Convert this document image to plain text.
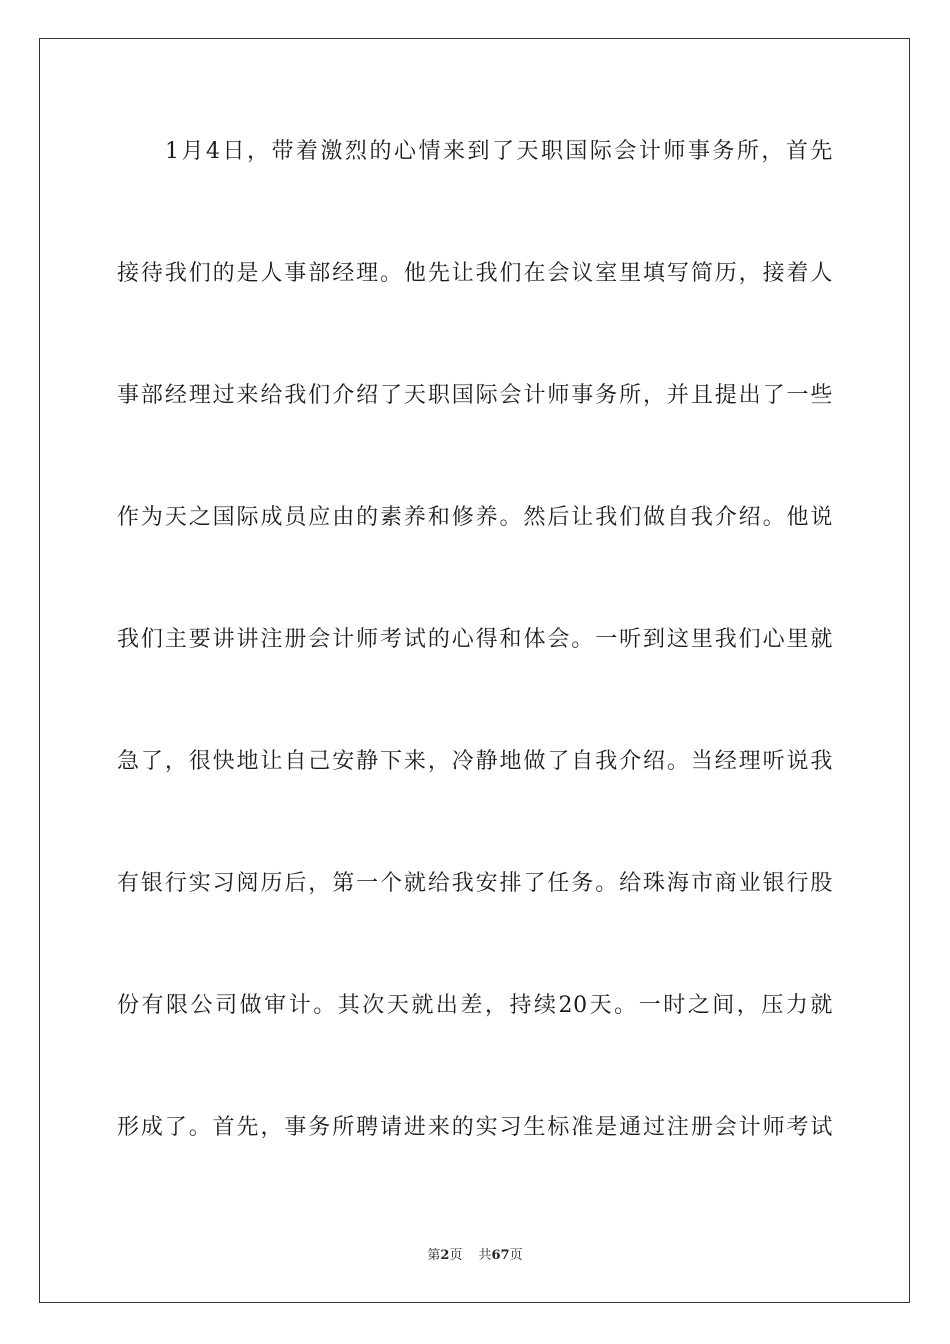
1月4日，带着激烈的心情来到了天职国际会计师事务所，首先
接待我们的是人事部经理。他先让我们在会议室里填写简历，接着人
事部经理过来给我们介绍了天职国际会计师事务所，并且提出了一些
作为天之国际成员应由的素养和修养。然后让我们做自我介绍。他说
我们主要讲讲注册会计师考试的心得和体会。一听到这里我们心里就
急了，很快地让自己安静下来，冷静地做了自我介绍。当经理听说我
有银行实习阅历后，第一个就给我安排了任务。给珠海市商业银行股
份有限公司做审计。其次天就出差，持续20天。一时之间，压力就
形成了。首先，事务所聘请进来的实习生标准是通过注册会计师考试
第2页 共67页
